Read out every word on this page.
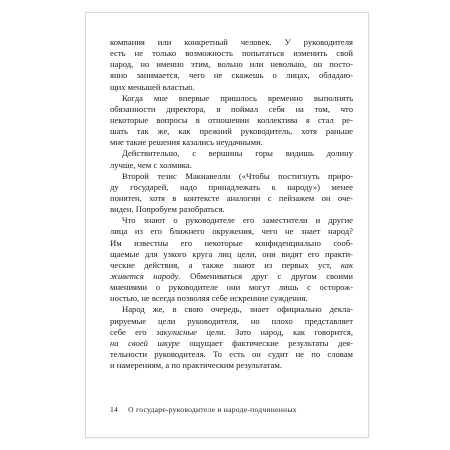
компания или конкретный человек. У руководителя
есть не только возможность попытаться изменить свой
народ, но именно этим, вольно или невольно, он посто-
янно занимается, чего не скажешь о лицах, обладаю-
щих меньшей властью.
Когда мне впервые пришлось временно выполнять
обязанности директора, я поймал себя на том, что
некоторые вопросы в отношении коллектива я стал ре-
шать так же, как прежний руководитель, хотя раньше
мне такие решения казались неудачными.
Действительно, с вершины горы видишь долину
лучше, чем с холмика.
Второй тезис Макиавелли («Чтобы постигнуть приро-
ду государей, надо принадлежать к народу») менее
понятен, хотя в контексте аналогии с пейзажем он оче-
виден. Попробуем разобраться.
Что знают о руководителе его заместители и другие
лица из его ближнего окружения, чего не знает народ?
Им известны его некоторые конфиденциально сооб-
щаемые для узкого круга лиц цели, они видят его практи-
ческие действия, а также знают из первых уст, как
живется народу. Обмениваться друг с другом своими
мнениями о руководителе они могут лишь с осторож-
ностью, не всегда позволяя себе искренние суждения.
Народ же, в свою очередь, знает официально декла-
рируемые цели руководителя, но плохо представляет
себе его закулисные цели. Зато народ, как говорится,
на своей шкуре ощущает фактические результаты дея-
тельности руководителя. То есть он судит не по словам
и намерениям, а по практическим результатам.
14 О государе-руководителе и народе-подчиненных
